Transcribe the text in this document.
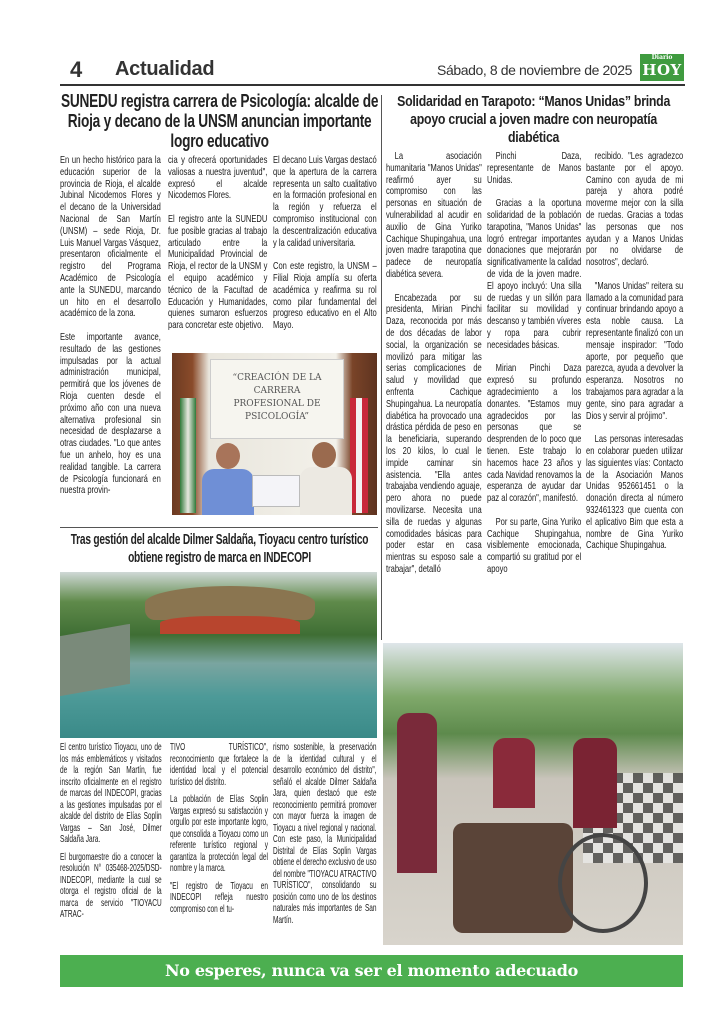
4 Actualidad	Sábado, 8 de noviembre de 2025
Diario
HOY
SUNEDU registra carrera de Psicología: alcalde de Rioja y decano de la UNSM anuncian importante logro educativo

En un hecho histórico para la educación superior de la provincia de Rioja, el alcalde Jubinal Nicodemos Flores y el decano de la Universidad Nacional de San Martín (UNSM) – sede Rioja, Dr. Luis Manuel Vargas Vásquez, presentaron oficialmente el registro del Programa Académico de Psicología ante la SUNEDU, marcando un hito en el desarrollo académico de la zona.

Este importante avance, resultado de las gestiones impulsadas por la actual administración municipal, permitirá que los jóvenes de Rioja cuenten desde el próximo año con una nueva alternativa profesional sin necesidad de desplazarse a otras ciudades. "Lo que antes fue un anhelo, hoy es una realidad tangible. La carrera de Psicología funcionará en nuestra provin-

cia y ofrecerá oportunidades valiosas a nuestra juventud", expresó el alcalde Nicodemos Flores.

El registro ante la SUNEDU fue posible gracias al trabajo articulado entre la Municipalidad Provincial de Rioja, el rector de la UNSM y el equipo académico y técnico de la Facultad de Educación y Humanidades, quienes sumaron esfuerzos para concretar este objetivo.

El decano Luis Vargas destacó que la apertura de la carrera representa un salto cualitativo en la formación profesional en la región y refuerza el compromiso institucional con la descentralización educativa y la calidad universitaria.

Con este registro, la UNSM – Filial Rioja amplía su oferta académica y reafirma su rol como pilar fundamental del progreso educativo en el Alto Mayo.

“CREACIÓN DE LA CARRERA
PROFESIONAL DE
PSICOLOGÍA”
Tras gestión del alcalde Dilmer Saldaña, Tioyacu centro turístico obtiene registro de marca en INDECOPI

El centro turístico Tioyacu, uno de los más emblemáticos y visitados de la región San Martín, fue inscrito oficialmente en el registro de marcas del INDECOPI, gracias a las gestiones impulsadas por el alcalde del distrito de Elías Soplin Vargas – San José, Dilmer Saldaña Jara.

El burgomaestre dio a conocer la resolución N° 035468-2025/DSD-INDECOPI, mediante la cual se otorga el registro oficial de la marca de servicio "TIOYACU ATRAC-

TIVO TURÍSTICO", reconocimiento que fortalece la identidad local y el potencial turístico del distrito.

La población de Elías Soplin Vargas expresó su satisfacción y orgullo por este importante logro, que consolida a Tioyacu como un referente turístico regional y garantiza la protección legal del nombre y la marca.

"El registro de Tioyacu en INDECOPI refleja nuestro compromiso con el tu-

rismo sostenible, la preservación de la identidad cultural y el desarrollo económico del distrito", señaló el alcalde Dilmer Saldaña Jara, quien destacó que este reconocimiento permitirá promover con mayor fuerza la imagen de Tioyacu a nivel regional y nacional. Con este paso, la Municipalidad Distrital de Elías Soplin Vargas obtiene el derecho exclusivo de uso del nombre "TIOYACU ATRACTIVO TURÍSTICO", consolidando su posición como uno de los destinos naturales más importantes de San Martín.

Solidaridad en Tarapoto: “Manos Unidas” brinda apoyo crucial a joven madre con neuropatía diabética

La asociación humanitaria "Manos Unidas" reafirmó ayer su compromiso con las personas en situación de vulnerabilidad al acudir en auxilio de Gina Yuriko Cachique Shupingahua, una joven madre tarapotina que padece de neuropatía diabética severa.

Encabezada por su presidenta, Mirian Pinchi Daza, reconocida por más de dos décadas de labor social, la organización se movilizó para mitigar las serias complicaciones de salud y movilidad que enfrenta Cachique Shupingahua. La neuropatía diabética ha provocado una drástica pérdida de peso en la beneficiaria, superando los 20 kilos, lo cual le impide caminar sin asistencia. "Ella antes trabajaba vendiendo aguaje, pero ahora no puede movilizarse. Necesita una silla de ruedas y algunas comodidades básicas para poder estar en casa mientras su esposo sale a trabajar", detalló

Pinchi Daza, representante de Manos Unidas.

Gracias a la oportuna solidaridad de la población tarapotina, "Manos Unidas" logró entregar importantes donaciones que mejorarán significativamente la calidad de vida de la joven madre. El apoyo incluyó: Una silla de ruedas y un sillón para facilitar su movilidad y descanso y también víveres y ropa para cubrir necesidades básicas.

Mirian Pinchi Daza expresó su profundo agradecimiento a los donantes. "Estamos muy agradecidos por las personas que se desprenden de lo poco que tienen. Este trabajo lo hacemos hace 23 años y cada Navidad renovamos la esperanza de ayudar dar paz al corazón", manifestó.

Por su parte, Gina Yuriko Cachique Shupingahua, visiblemente emocionada, compartió su gratitud por el apoyo

recibido. "Les agradezco bastante por el apoyo. Camino con ayuda de mi pareja y ahora podré moverme mejor con la silla de ruedas. Gracias a todas las personas que nos ayudan y a Manos Unidas por no olvidarse de nosotros", declaró.

"Manos Unidas" reitera su llamado a la comunidad para continuar brindando apoyo a esta noble causa. La representante finalizó con un mensaje inspirador: "Todo aporte, por pequeño que parezca, ayuda a devolver la esperanza. Nosotros no trabajamos para agradar a la gente, sino para agradar a Dios y servir al prójimo".

Las personas interesadas en colaborar pueden utilizar las siguientes vías: Contacto de la Asociación Manos Unidas 952661451 o la donación directa al número 932461323 que cuenta con el aplicativo Bim que esta a nombre de Gina Yuriko Cachique Shupingahua.

No esperes, nunca va ser el momento adecuado
